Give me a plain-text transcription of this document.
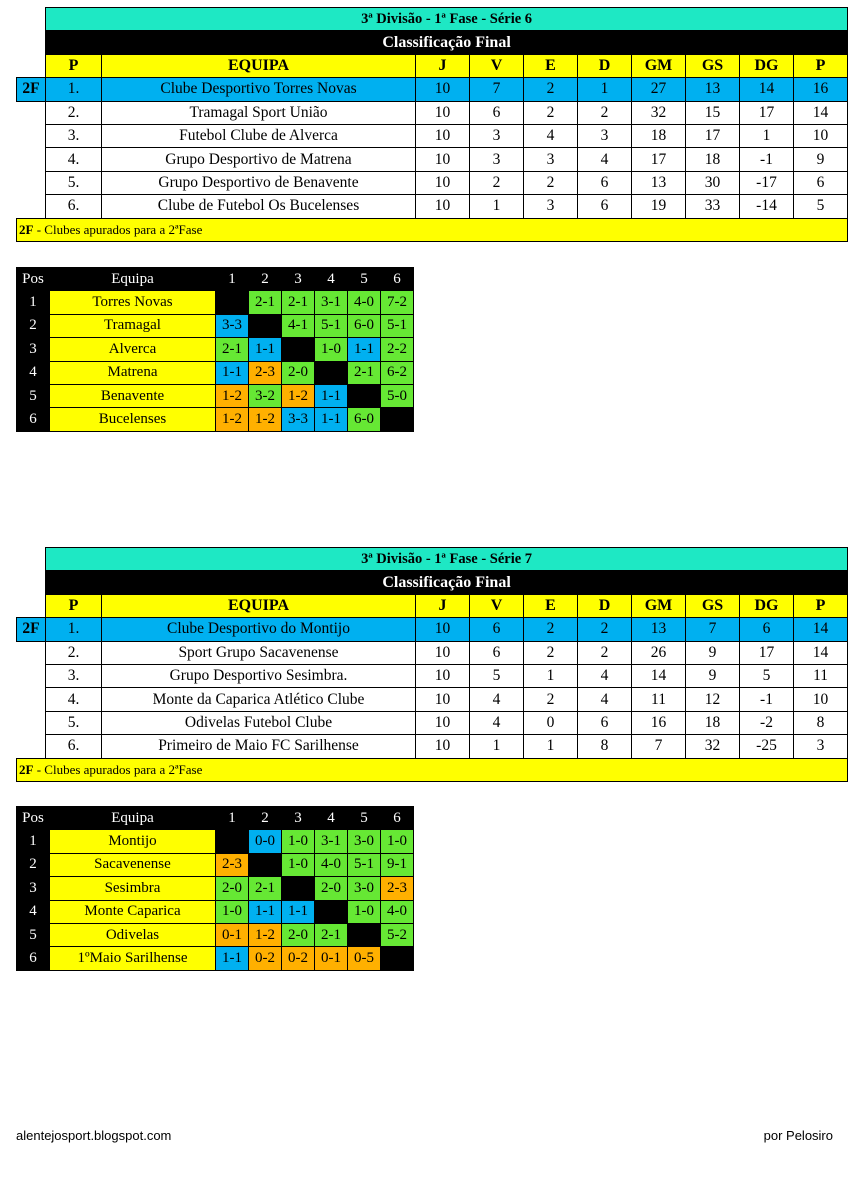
	3ª Divisão - 1ª Fase - Série 6									
	Classificação Final									
	P	EQUIPA	J	V	E	D	GM	GS	DG	P
2F	1.	Clube Desportivo Torres Novas	10	7	2	1	27	13	14	16
	2.	Tramagal Sport União	10	6	2	2	32	15	17	14
	3.	Futebol Clube de Alverca	10	3	4	3	18	17	1	10
	4.	Grupo Desportivo de Matrena	10	3	3	4	17	18	-1	9
	5.	Grupo Desportivo de Benavente	10	2	2	6	13	30	-17	6
	6.	Clube de Futebol Os Bucelenses	10	1	3	6	19	33	-14	5
2F - Clubes apurados para a 2ªFase										
Pos	Equipa	1	2	3	4	5	6
1	Torres Novas		2-1	2-1	3-1	4-0	7-2
2	Tramagal	3-3		4-1	5-1	6-0	5-1
3	Alverca	2-1	1-1		1-0	1-1	2-2
4	Matrena	1-1	2-3	2-0		2-1	6-2
5	Benavente	1-2	3-2	1-2	1-1		5-0
6	Bucelenses	1-2	1-2	3-3	1-1	6-0	
	3ª Divisão - 1ª Fase - Série 7									
	Classificação Final									
	P	EQUIPA	J	V	E	D	GM	GS	DG	P
2F	1.	Clube Desportivo do Montijo	10	6	2	2	13	7	6	14
	2.	Sport Grupo Sacavenense	10	6	2	2	26	9	17	14
	3.	Grupo Desportivo Sesimbra.	10	5	1	4	14	9	5	11
	4.	Monte da Caparica Atlético Clube	10	4	2	4	11	12	-1	10
	5.	Odivelas Futebol Clube	10	4	0	6	16	18	-2	8
	6.	Primeiro de Maio FC Sarilhense	10	1	1	8	7	32	-25	3
2F - Clubes apurados para a 2ªFase										
Pos	Equipa	1	2	3	4	5	6
1	Montijo		0-0	1-0	3-1	3-0	1-0
2	Sacavenense	2-3		1-0	4-0	5-1	9-1
3	Sesimbra	2-0	2-1		2-0	3-0	2-3
4	Monte Caparica	1-0	1-1	1-1		1-0	4-0
5	Odivelas	0-1	1-2	2-0	2-1		5-2
6	1ºMaio Sarilhense	1-1	0-2	0-2	0-1	0-5	
alentejosport.blogspot.com	por Pelosiro
